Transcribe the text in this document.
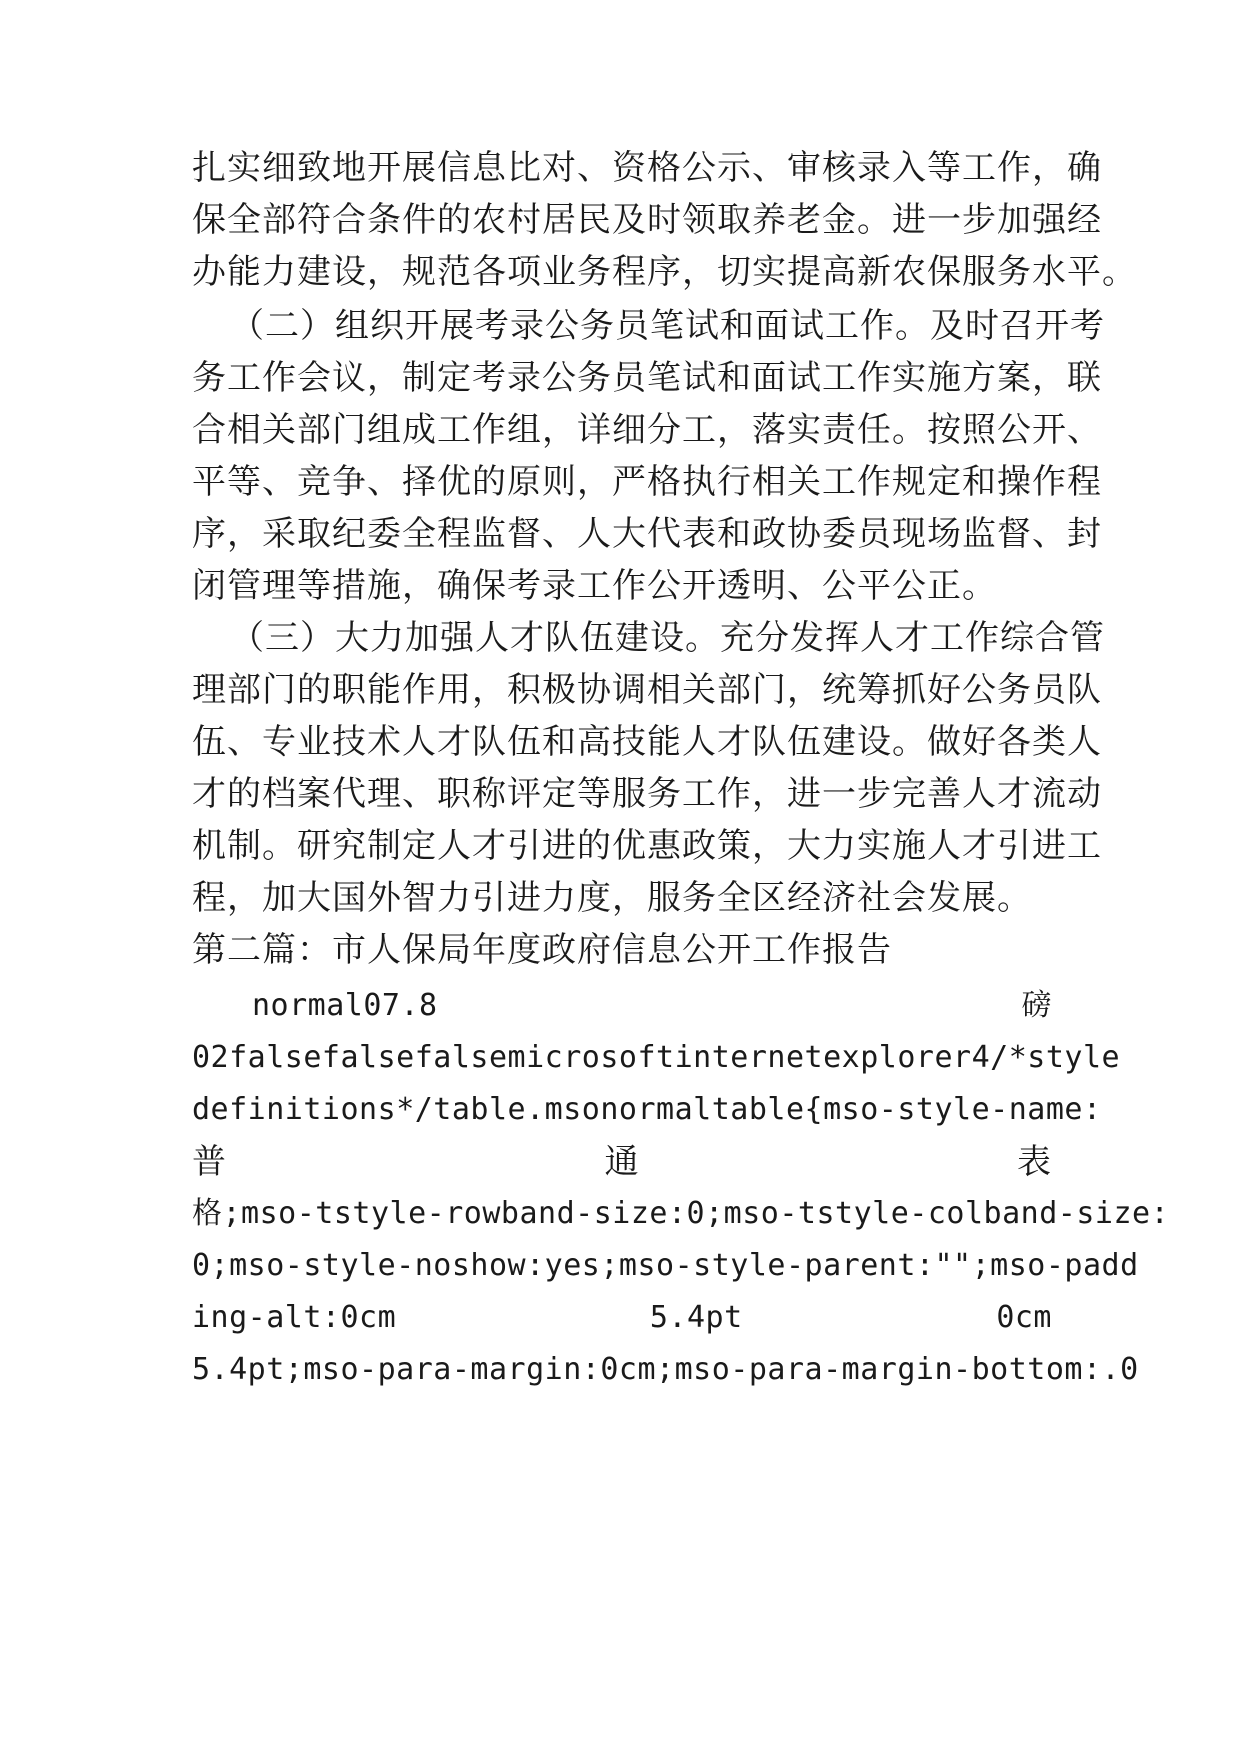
扎实细致地开展信息比对、资格公示、审核录入等工作，确
保全部符合条件的农村居民及时领取养老金。进一步加强经
办能力建设，规范各项业务程序，切实提高新农保服务水平。
（二）组织开展考录公务员笔试和面试工作。及时召开考
务工作会议，制定考录公务员笔试和面试工作实施方案，联
合相关部门组成工作组，详细分工，落实责任。按照公开、
平等、竞争、择优的原则，严格执行相关工作规定和操作程
序，采取纪委全程监督、人大代表和政协委员现场监督、封
闭管理等措施，确保考录工作公开透明、公平公正。
（三）大力加强人才队伍建设。充分发挥人才工作综合管
理部门的职能作用，积极协调相关部门，统筹抓好公务员队
伍、专业技术人才队伍和高技能人才队伍建设。做好各类人
才的档案代理、职称评定等服务工作，进一步完善人才流动
机制。研究制定人才引进的优惠政策，大力实施人才引进工
程，加大国外智力引进力度，服务全区经济社会发展。
第二篇：市人保局年度政府信息公开工作报告
normal07.8	磅
02falsefalsefalsemicrosoftinternetexplorer4/* style
definitions */table.msonormaltable{mso-style-name:
普	通	表
格;mso-tstyle-rowband-size:0;mso-tstyle-colband-size:
0;mso-style-noshow:yes;mso-style-parent:"";mso-padd
ing-alt:0cm	5.4pt	0cm
5.4pt;mso-para-margin:0cm;mso-para-margin-bottom:.0
